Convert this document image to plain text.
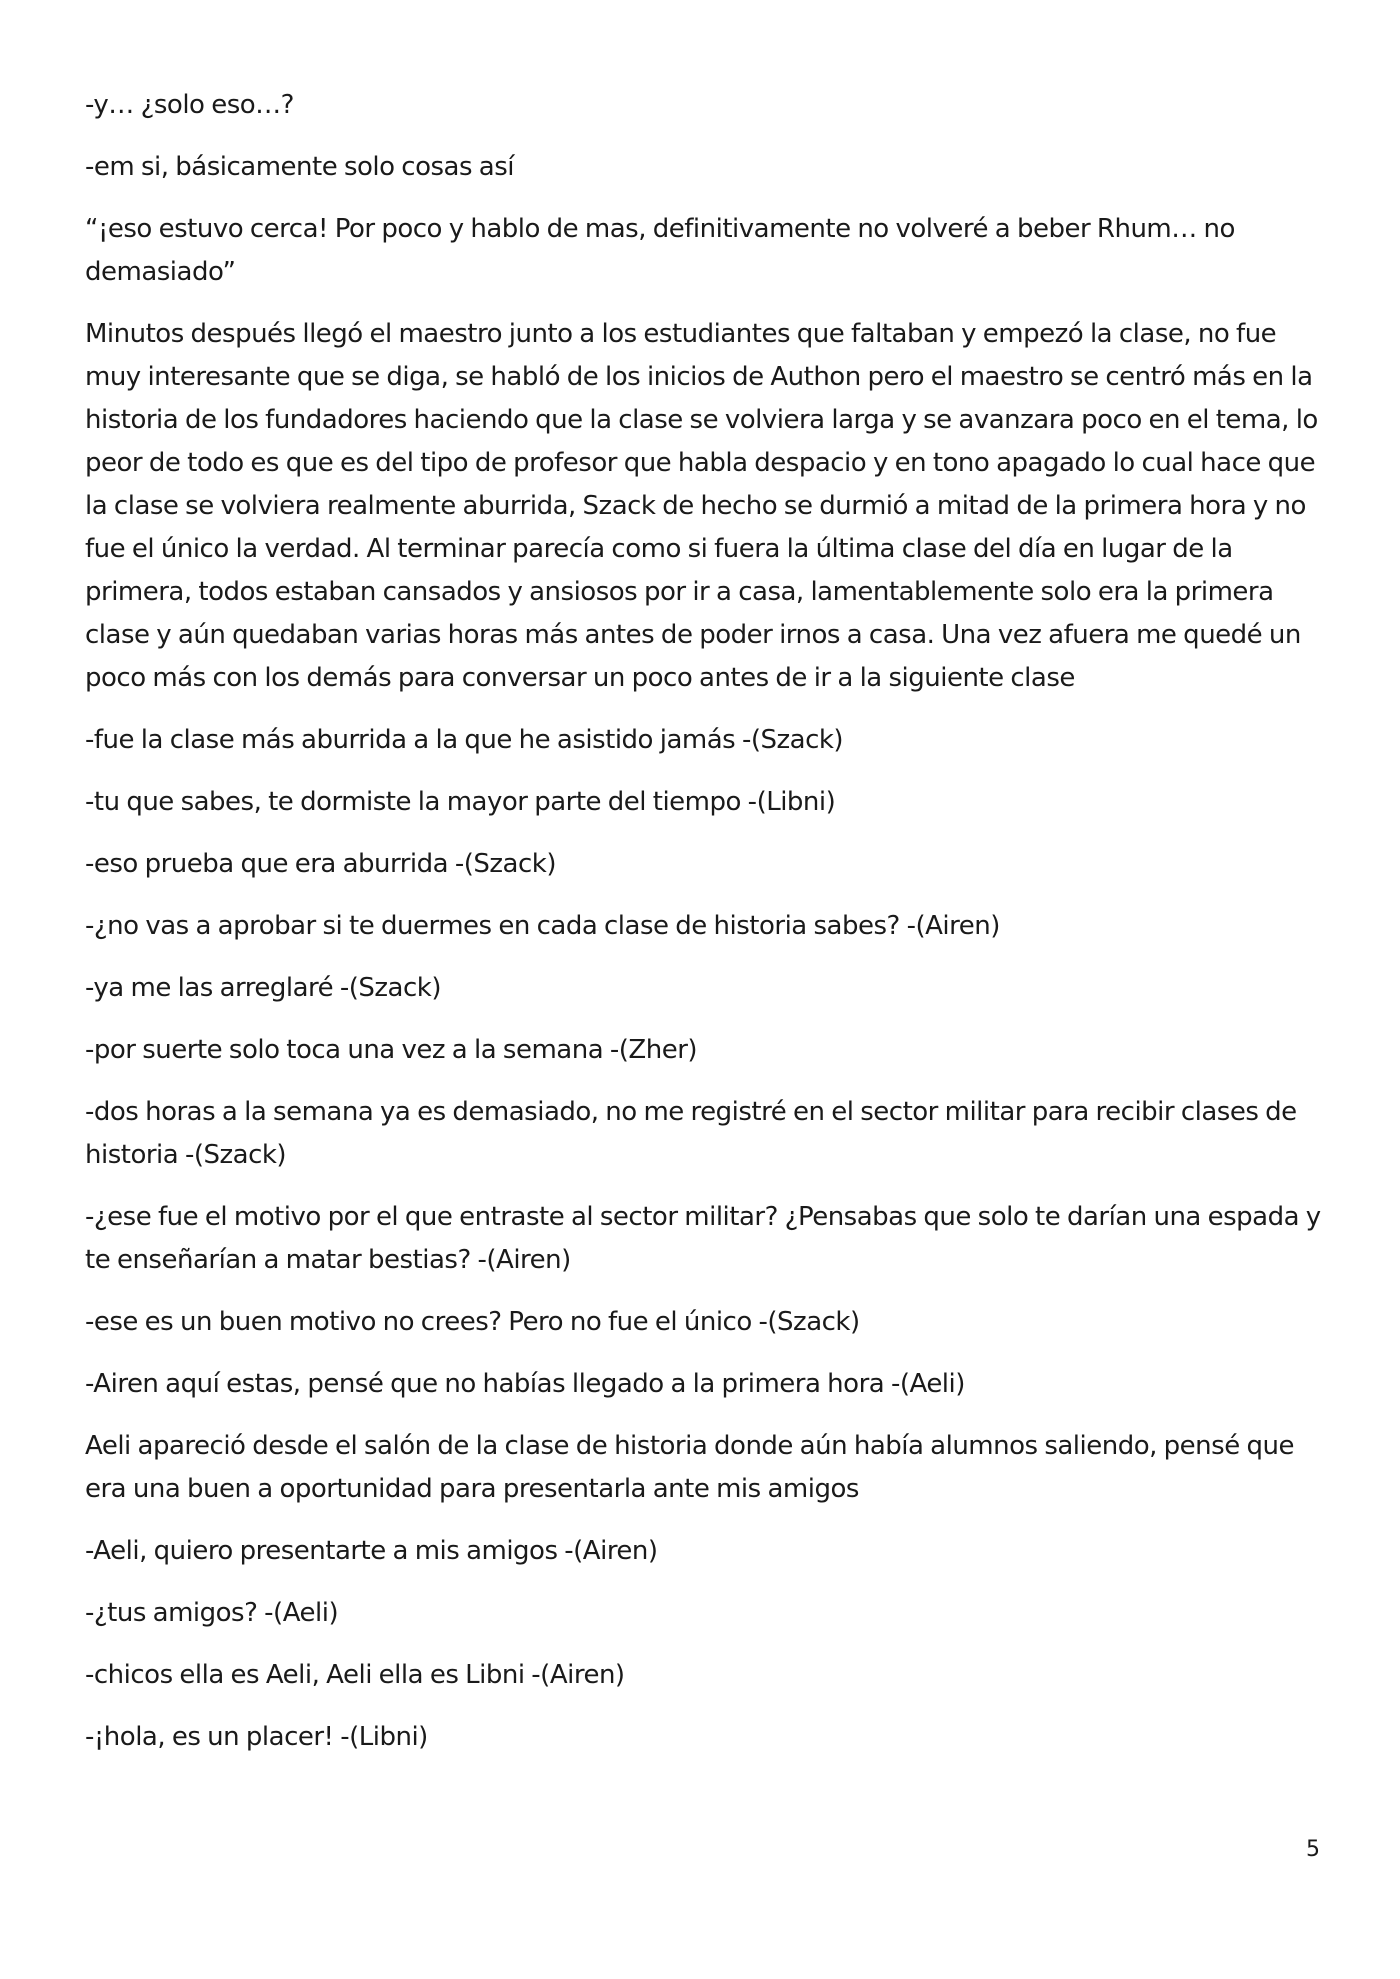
-y… ¿solo eso…?

-em si, básicamente solo cosas así

“¡eso estuvo cerca! Por poco y hablo de mas, definitivamente no volveré a beber Rhum… no demasiado”

Minutos después llegó el maestro junto a los estudiantes que faltaban y empezó la clase, no fue muy interesante que se diga, se habló de los inicios de Authon pero el maestro se centró más en la historia de los fundadores haciendo que la clase se volviera larga y se avanzara poco en el tema, lo peor de todo es que es del tipo de profesor que habla despacio y en tono apagado lo cual hace que la clase se volviera realmente aburrida, Szack de hecho se durmió a mitad de la primera hora y no fue el único la verdad. Al terminar parecía como si fuera la última clase del día en lugar de la primera, todos estaban cansados y ansiosos por ir a casa, lamentablemente solo era la primera clase y aún quedaban varias horas más antes de poder irnos a casa. Una vez afuera me quedé un poco más con los demás para conversar un poco antes de ir a la siguiente clase

-fue la clase más aburrida a la que he asistido jamás -(Szack)

-tu que sabes, te dormiste la mayor parte del tiempo -(Libni)

-eso prueba que era aburrida -(Szack)

-¿no vas a aprobar si te duermes en cada clase de historia sabes? -(Airen)

-ya me las arreglaré -(Szack)

-por suerte solo toca una vez a la semana -(Zher)

-dos horas a la semana ya es demasiado, no me registré en el sector militar para recibir clases de historia -(Szack)

-¿ese fue el motivo por el que entraste al sector militar? ¿Pensabas que solo te darían una espada y te enseñarían a matar bestias? -(Airen)

-ese es un buen motivo no crees? Pero no fue el único -(Szack)

-Airen aquí estas, pensé que no habías llegado a la primera hora -(Aeli)

Aeli apareció desde el salón de la clase de historia donde aún había alumnos saliendo, pensé que era una buen a oportunidad para presentarla ante mis amigos

-Aeli, quiero presentarte a mis amigos -(Airen)

-¿tus amigos? -(Aeli)

-chicos ella es Aeli, Aeli ella es Libni -(Airen)

-¡hola, es un placer! -(Libni)

5
